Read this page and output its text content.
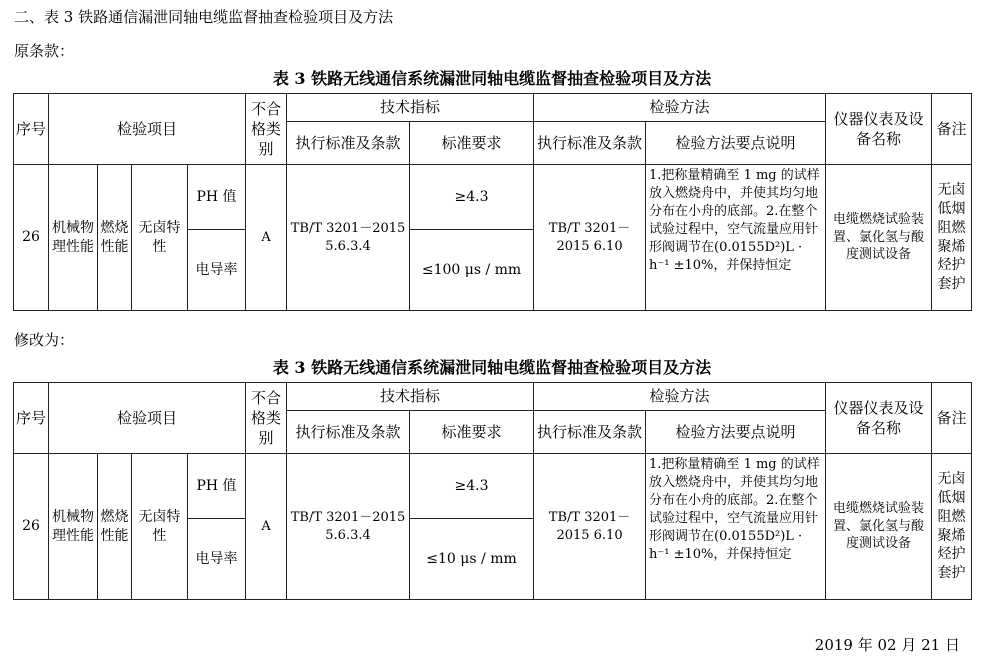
二、表 3 铁路通信漏泄同轴电缆监督抽查检验项目及方法
原条款：
表 3 铁路无线通信系统漏泄同轴电缆监督抽查检验项目及方法
序号	检验项目				不合格类别	技术指标		检验方法		仪器仪表及设备名称	备注
						执行标准及条款	标准要求	执行标准及条款	检验方法要点说明		
26	机械物理性能	燃烧性能	无卤特性	PH 值	A	TB/T 3201－2015 5.6.3.4	≥4.3	TB/T 3201－2015 6.10	1.把称量精确至 1 mg 的试样放入燃烧舟中，并使其均匀地分布在小舟的底部。2.在整个试验过程中，空气流量应用针形阀调节在(0.0155D²)L · h⁻¹ ±10%，并保持恒定	电缆燃烧试验装置、氯化氢与酸度测试设备	无卤低烟阻燃聚烯烃护套护
				电导率			≤100 μs / mm				
修改为：
表 3 铁路无线通信系统漏泄同轴电缆监督抽查检验项目及方法
序号	检验项目				不合格类别	技术指标		检验方法		仪器仪表及设备名称	备注
						执行标准及条款	标准要求	执行标准及条款	检验方法要点说明		
26	机械物理性能	燃烧性能	无卤特性	PH 值	A	TB/T 3201－2015 5.6.3.4	≥4.3	TB/T 3201－2015 6.10	1.把称量精确至 1 mg 的试样放入燃烧舟中，并使其均匀地分布在小舟的底部。2.在整个试验过程中，空气流量应用针形阀调节在(0.0155D²)L · h⁻¹ ±10%，并保持恒定	电缆燃烧试验装置、氯化氢与酸度测试设备	无卤低烟阻燃聚烯烃护套护
				电导率			≤10 μs / mm				
2019 年 02 月 21 日
